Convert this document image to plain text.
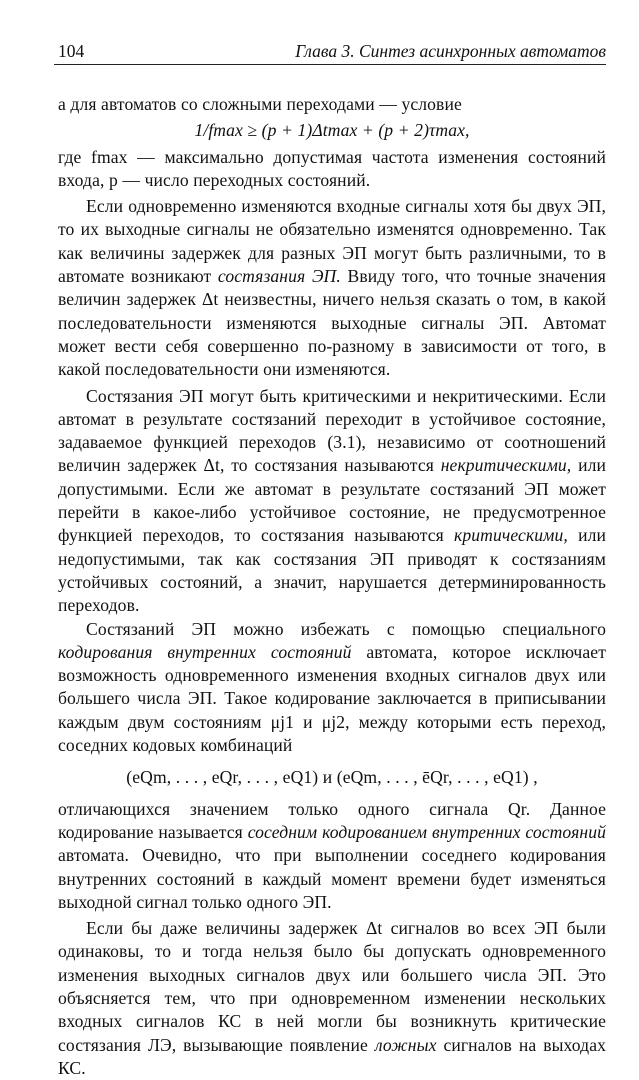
104	Глава 3. Синтез асинхронных автоматов

а для автоматов со сложными переходами — условие

1/fmax ≥ (p + 1)Δtmax + (p + 2)τmax,

где fmax — максимально допустимая частота изменения состояний входа, p — число переходных состояний.

Если одновременно изменяются входные сигналы хотя бы двух ЭП, то их выходные сигналы не обязательно изменятся одновременно. Так как величины задержек для разных ЭП могут быть различными, то в автомате возникают состязания ЭП. Ввиду того, что точные значения величин задержек Δt неизвестны, ничего нельзя сказать о том, в какой последовательности изменяются выходные сигналы ЭП. Автомат может вести себя совершенно по-разному в зависимости от того, в какой последовательности они изменяются.

Состязания ЭП могут быть критическими и некритическими. Если автомат в результате состязаний переходит в устойчивое состояние, задаваемое функцией переходов (3.1), независимо от соотношений величин задержек Δt, то состязания называются некритическими, или допустимыми. Если же автомат в результате состязаний ЭП может перейти в какое-либо устойчивое состояние, не предусмотренное функцией переходов, то состязания называются критическими, или недопустимыми, так как состязания ЭП приводят к состязаниям устойчивых состояний, а значит, нарушается детерминированность переходов.

Состязаний ЭП можно избежать с помощью специального кодирования внутренних состояний автомата, которое исключает возможность одновременного изменения входных сигналов двух или большего числа ЭП. Такое кодирование заключается в приписывании каждым двум состояниям μj1 и μj2, между которыми есть переход, соседних кодовых комбинаций

(eQm, . . . , eQr, . . . , eQ1) и (eQm, . . . , ēQr, . . . , eQ1) ,

отличающихся значением только одного сигнала Qr. Данное кодирование называется соседним кодированием внутренних состояний автомата. Очевидно, что при выполнении соседнего кодирования внутренних состояний в каждый момент времени будет изменяться выходной сигнал только одного ЭП.

Если бы даже величины задержек Δt сигналов во всех ЭП были одинаковы, то и тогда нельзя было бы допускать одновременного изменения выходных сигналов двух или большего числа ЭП. Это объясняется тем, что при одновременном изменении нескольких входных сигналов КС в ней могли бы возникнуть критические состязания ЛЭ, вызывающие появление ложных сигналов на выходах КС.
